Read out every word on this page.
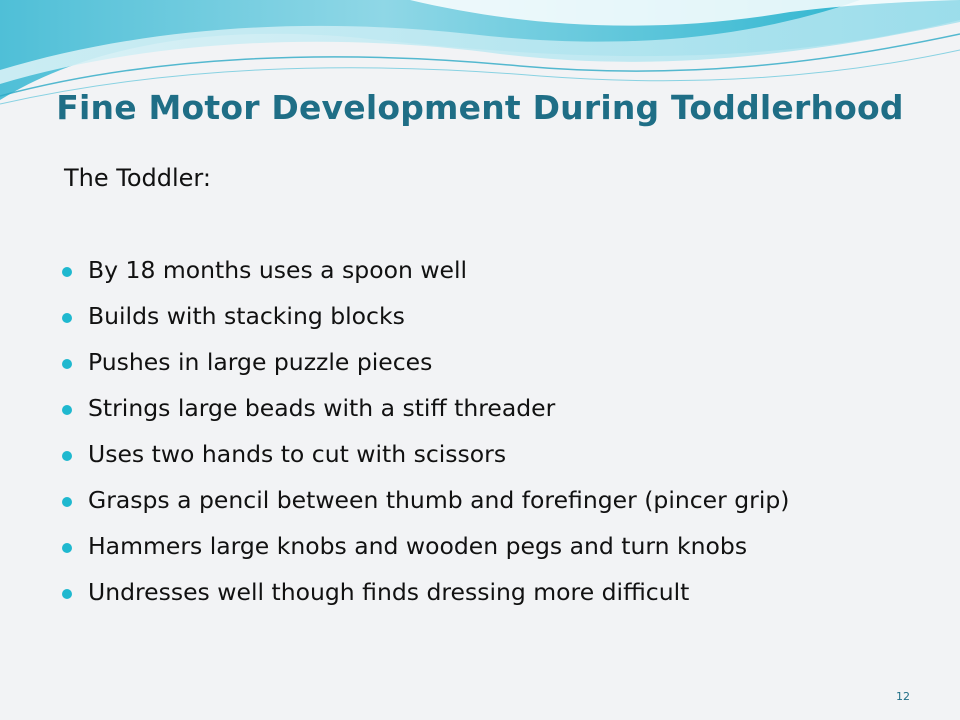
Fine Motor Development During Toddlerhood
The Toddler:
By 18 months uses a spoon well
Builds with stacking blocks
Pushes in large puzzle pieces
Strings large beads with a stiff threader
Uses two hands to cut with scissors
Grasps a pencil between thumb and forefinger (pincer grip)
Hammers large knobs and wooden pegs and turn knobs
Undresses well though finds dressing more difficult
12
